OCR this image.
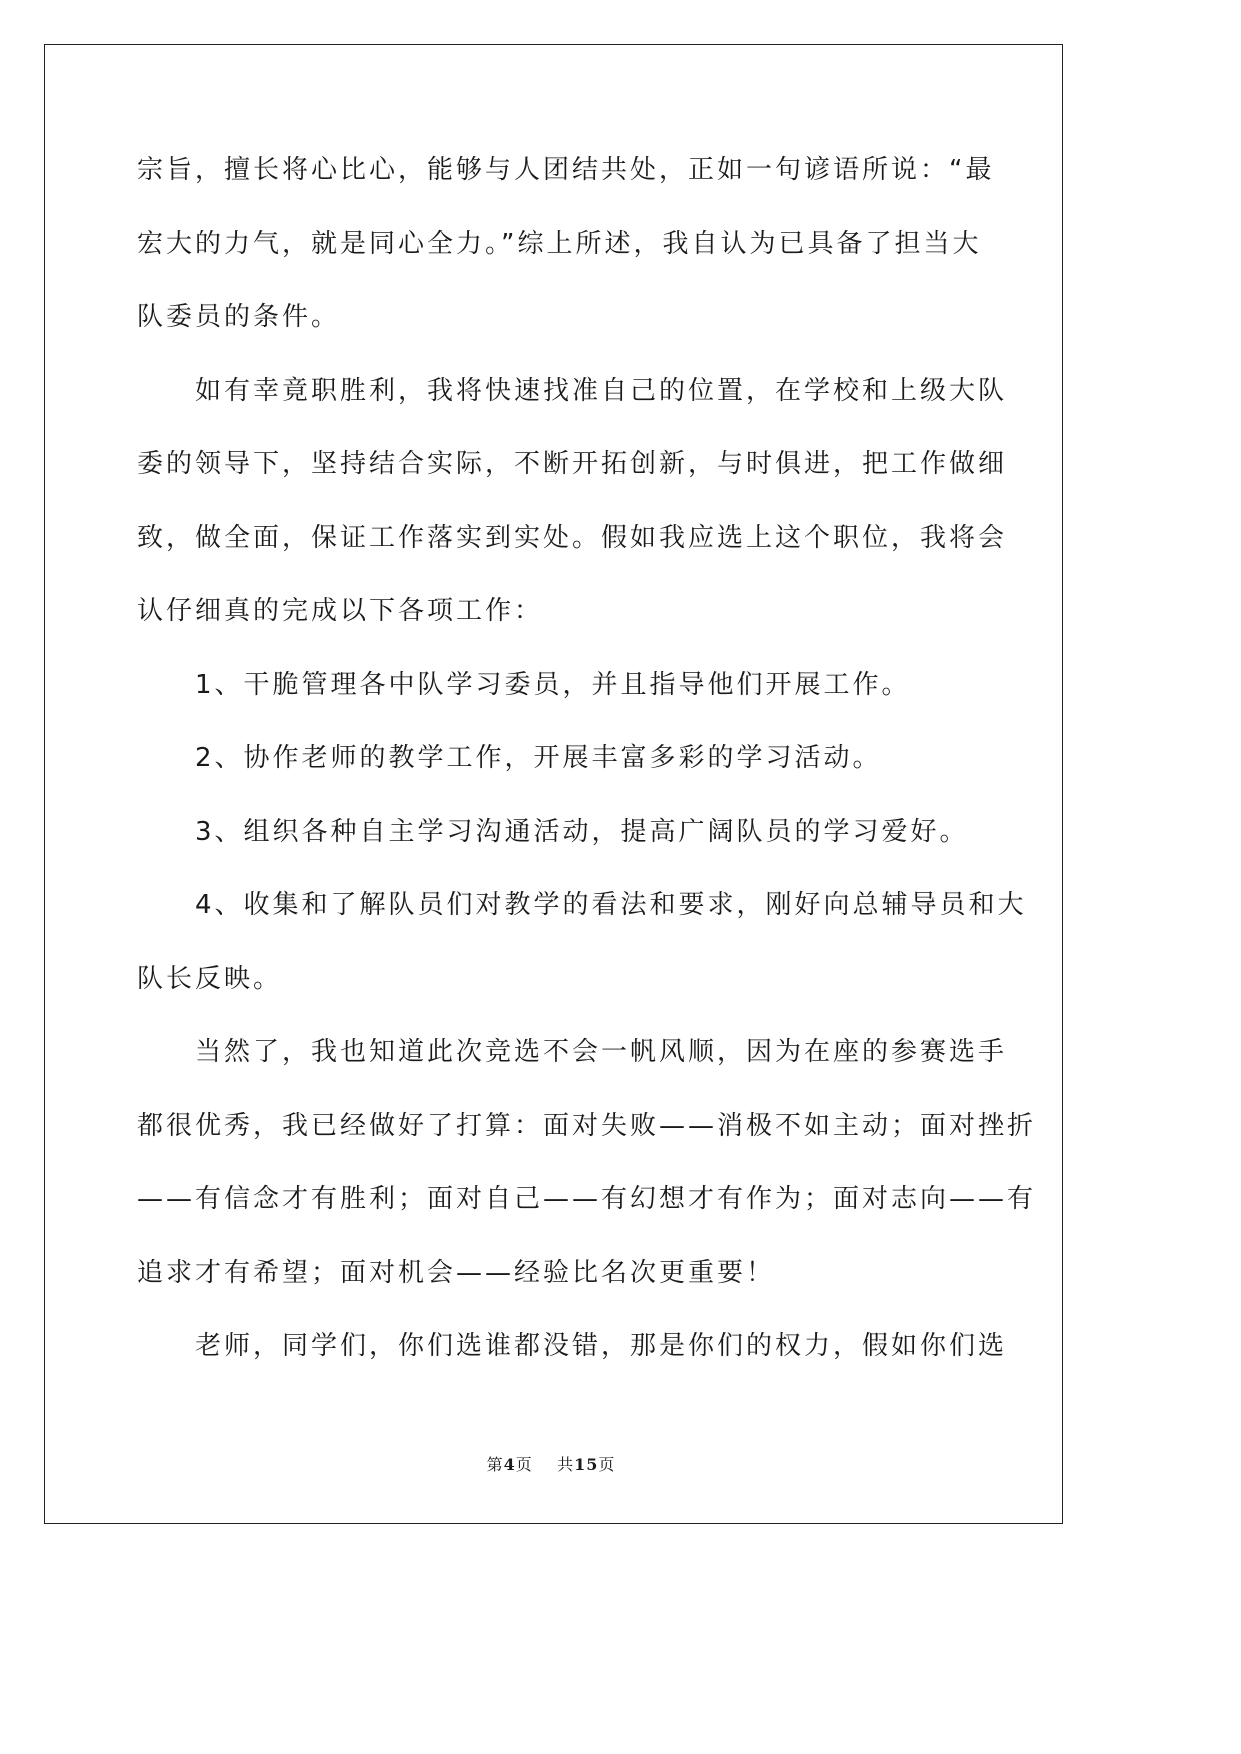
宗旨，擅长将心比心，能够与人团结共处，正如一句谚语所说：“最
宏大的力气，就是同心全力。”综上所述，我自认为已具备了担当大
队委员的条件。
　　如有幸竟职胜利，我将快速找准自己的位置，在学校和上级大队
委的领导下，坚持结合实际，不断开拓创新，与时俱进，把工作做细
致，做全面，保证工作落实到实处。假如我应选上这个职位，我将会
认仔细真的完成以下各项工作：
　　1、干脆管理各中队学习委员，并且指导他们开展工作。
　　2、协作老师的教学工作，开展丰富多彩的学习活动。
　　3、组织各种自主学习沟通活动，提高广阔队员的学习爱好。
　　4、收集和了解队员们对教学的看法和要求，刚好向总辅导员和大
队长反映。
　　当然了，我也知道此次竞选不会一帆风顺，因为在座的参赛选手
都很优秀，我已经做好了打算：面对失败——消极不如主动；面对挫折
——有信念才有胜利；面对自己——有幻想才有作为；面对志向——有
追求才有希望；面对机会——经验比名次更重要！
　　老师，同学们，你们选谁都没错，那是你们的权力，假如你们选
第4页 共15页
